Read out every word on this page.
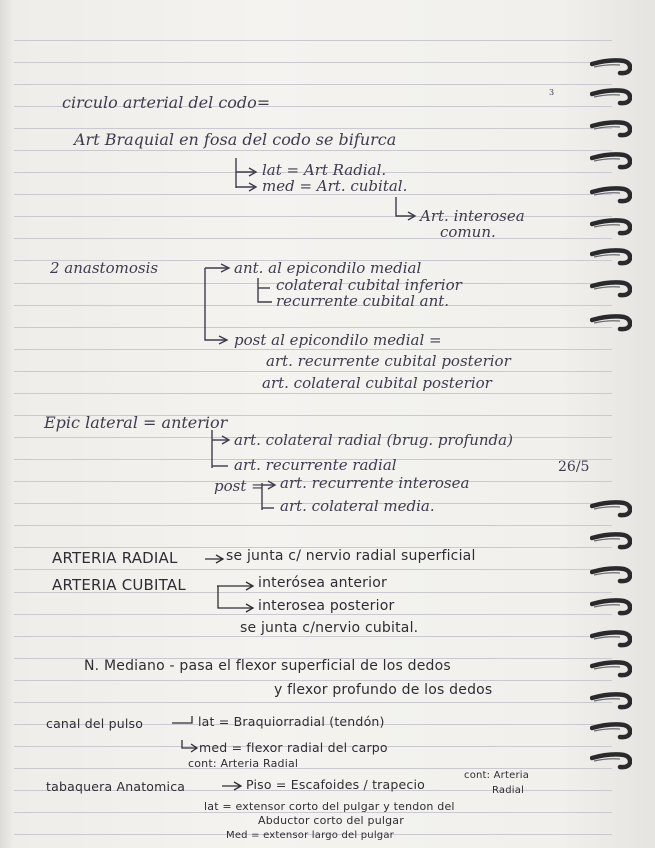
circulo arterial del codo=
3
Art Braquial en fosa del codo se bifurca
lat = Art Radial.
med = Art. cubital.
Art. interosea
comun.
2 anastomosis	ant. al epicondilo medial
colateral cubital inferior
recurrente cubital ant.
post al epicondilo medial =
art. recurrente cubital posterior
art. colateral cubital posterior
Epic lateral = anterior
art. colateral radial (brug. profunda)
art. recurrente radial	26/5
post = art. recurrente interosea
art. colateral media.
ARTERIA RADIAL	se junta c/ nervio radial superficial
ARTERIA CUBITAL	interósea anterior
interosea posterior
se junta c/nervio cubital.
N. Mediano - pasa el flexor superficial de los dedos
y flexor profundo de los dedos
canal del pulso	lat = Braquiorradial (tendón)
med = flexor radial del carpo
cont: Arteria Radial
tabaquera Anatomica	Piso = Escafoides / trapecio
cont: Arteria
Radial
lat = extensor corto del pulgar y tendon del
Abductor corto del pulgar
Med = extensor largo del pulgar
